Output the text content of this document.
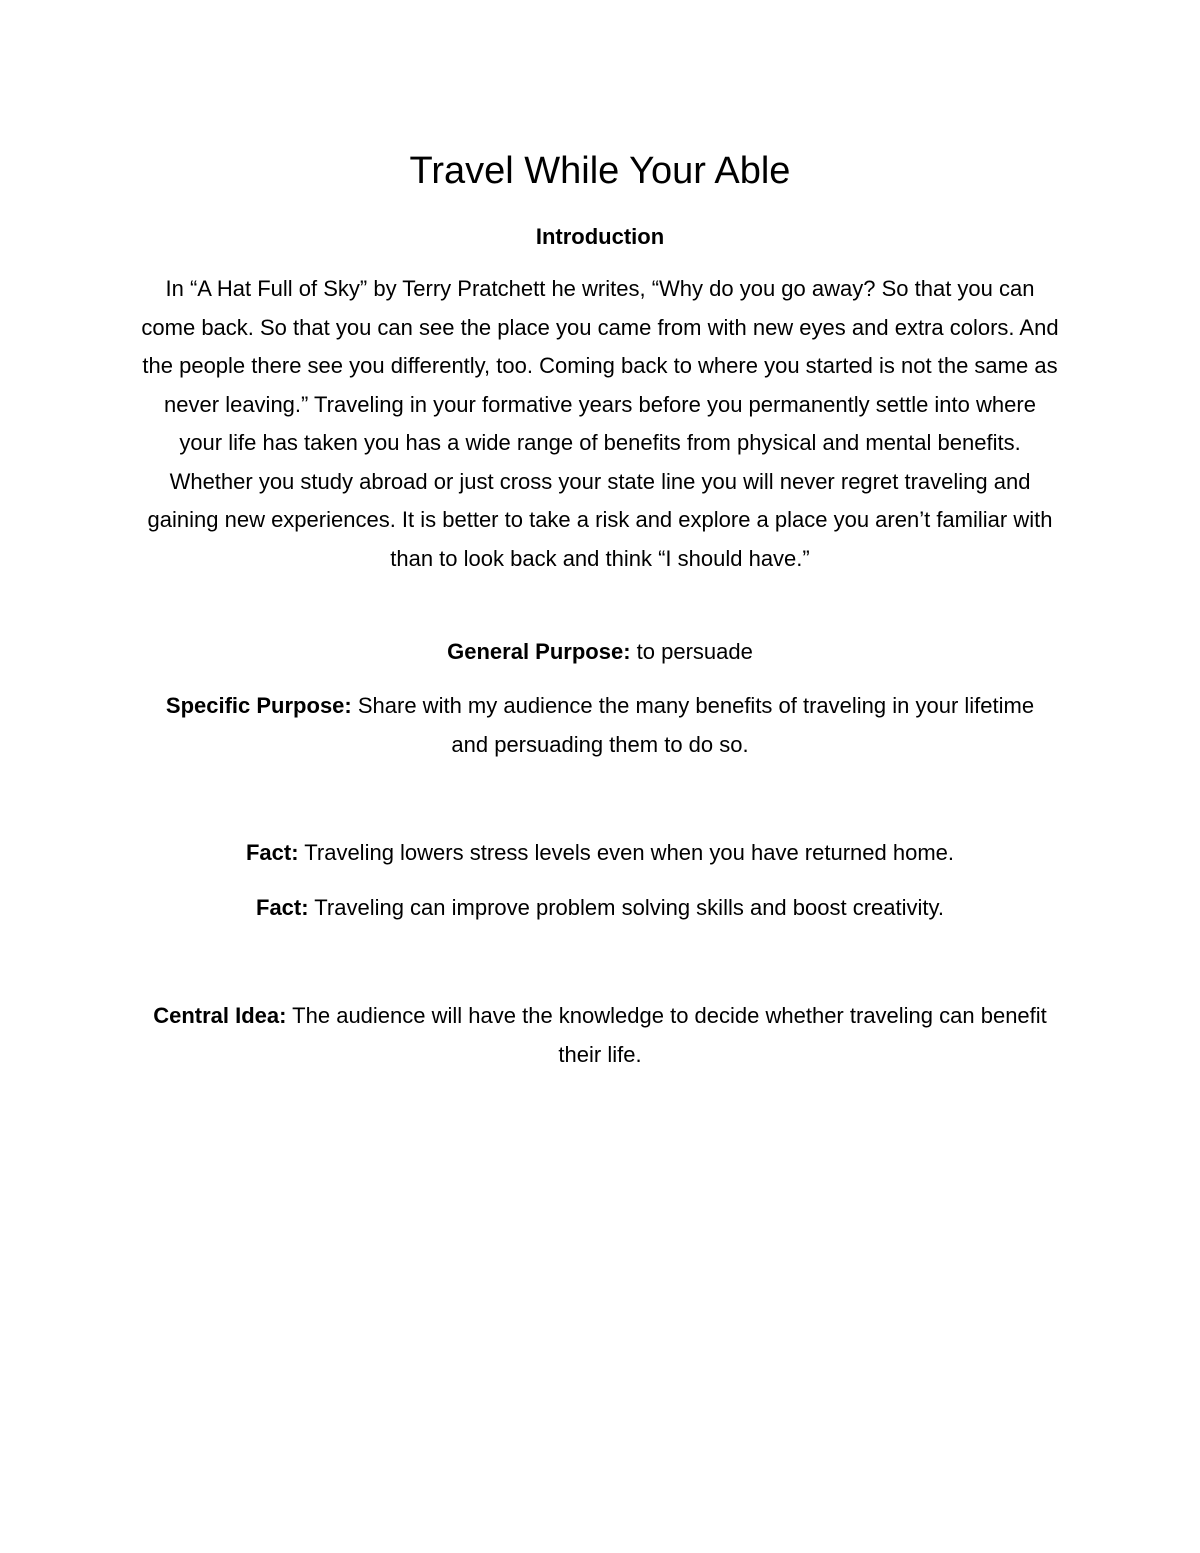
Travel While Your Able
Introduction

In “A Hat Full of Sky” by Terry Pratchett he writes, “Why do you go away? So that you can come back. So that you can see the place you came from with new eyes and extra colors. And the people there see you differently, too. Coming back to where you started is not the same as never leaving.” Traveling in your formative years before you permanently settle into where your life has taken you has a wide range of benefits from physical and mental benefits. Whether you study abroad or just cross your state line you will never regret traveling and gaining new experiences. It is better to take a risk and explore a place you aren’t familiar with than to look back and think “I should have.”

General Purpose: to persuade

Specific Purpose: Share with my audience the many benefits of traveling in your lifetime and persuading them to do so.

Fact: Traveling lowers stress levels even when you have returned home.

Fact: Traveling can improve problem solving skills and boost creativity.

Central Idea: The audience will have the knowledge to decide whether traveling can benefit their life.
